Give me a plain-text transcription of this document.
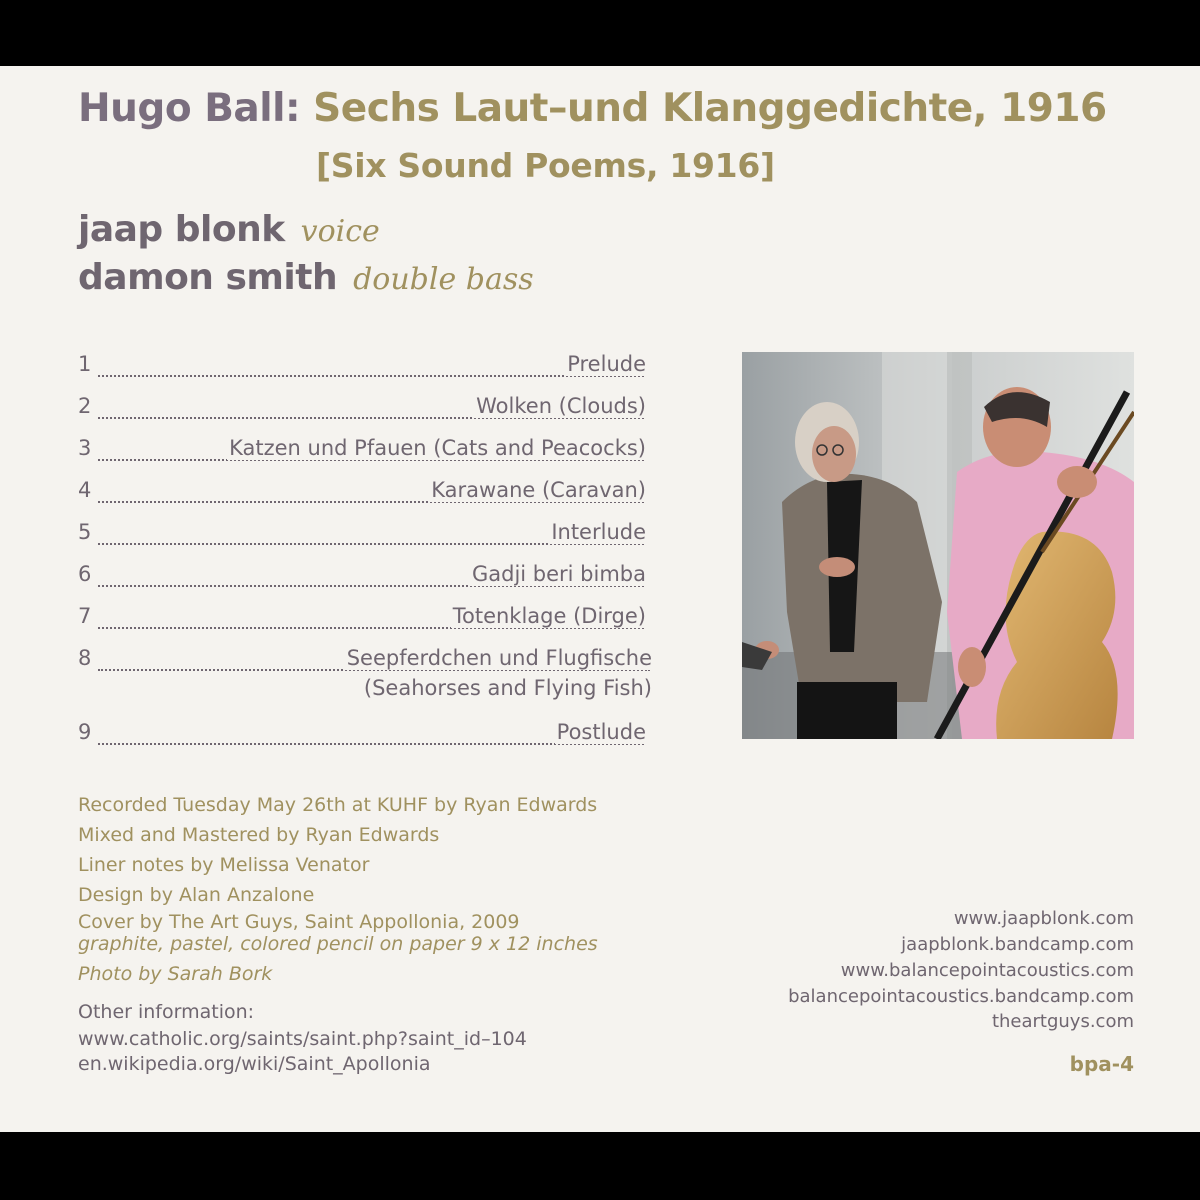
Hugo Ball: Sechs Laut–und Klanggedichte, 1916
[Six Sound Poems, 1916]
jaap blonk voice
damon smith double bass
1	Prelude
2	Wolken (Clouds)
3	Katzen und Pfauen (Cats and Peacocks)
4	Karawane (Caravan)
5	Interlude
6	Gadji beri bimba
7	Totenklage (Dirge)
8	Seepferdchen und Flugfische
(Seahorses and Flying Fish)
9	Postlude
Recorded Tuesday May 26th at KUHF by Ryan Edwards
Mixed and Mastered by Ryan Edwards
Liner notes by Melissa Venator
Design by Alan Anzalone
Cover by The Art Guys, Saint Appollonia, 2009
graphite, pastel, colored pencil on paper 9 x 12 inches
Photo by Sarah Bork
Other information:
www.catholic.org/saints/saint.php?saint_id–104
en.wikipedia.org/wiki/Saint_Apollonia
www.jaapblonk.com
jaapblonk.bandcamp.com
www.balancepointacoustics.com
balancepointacoustics.bandcamp.com
theartguys.com
bpa-4
